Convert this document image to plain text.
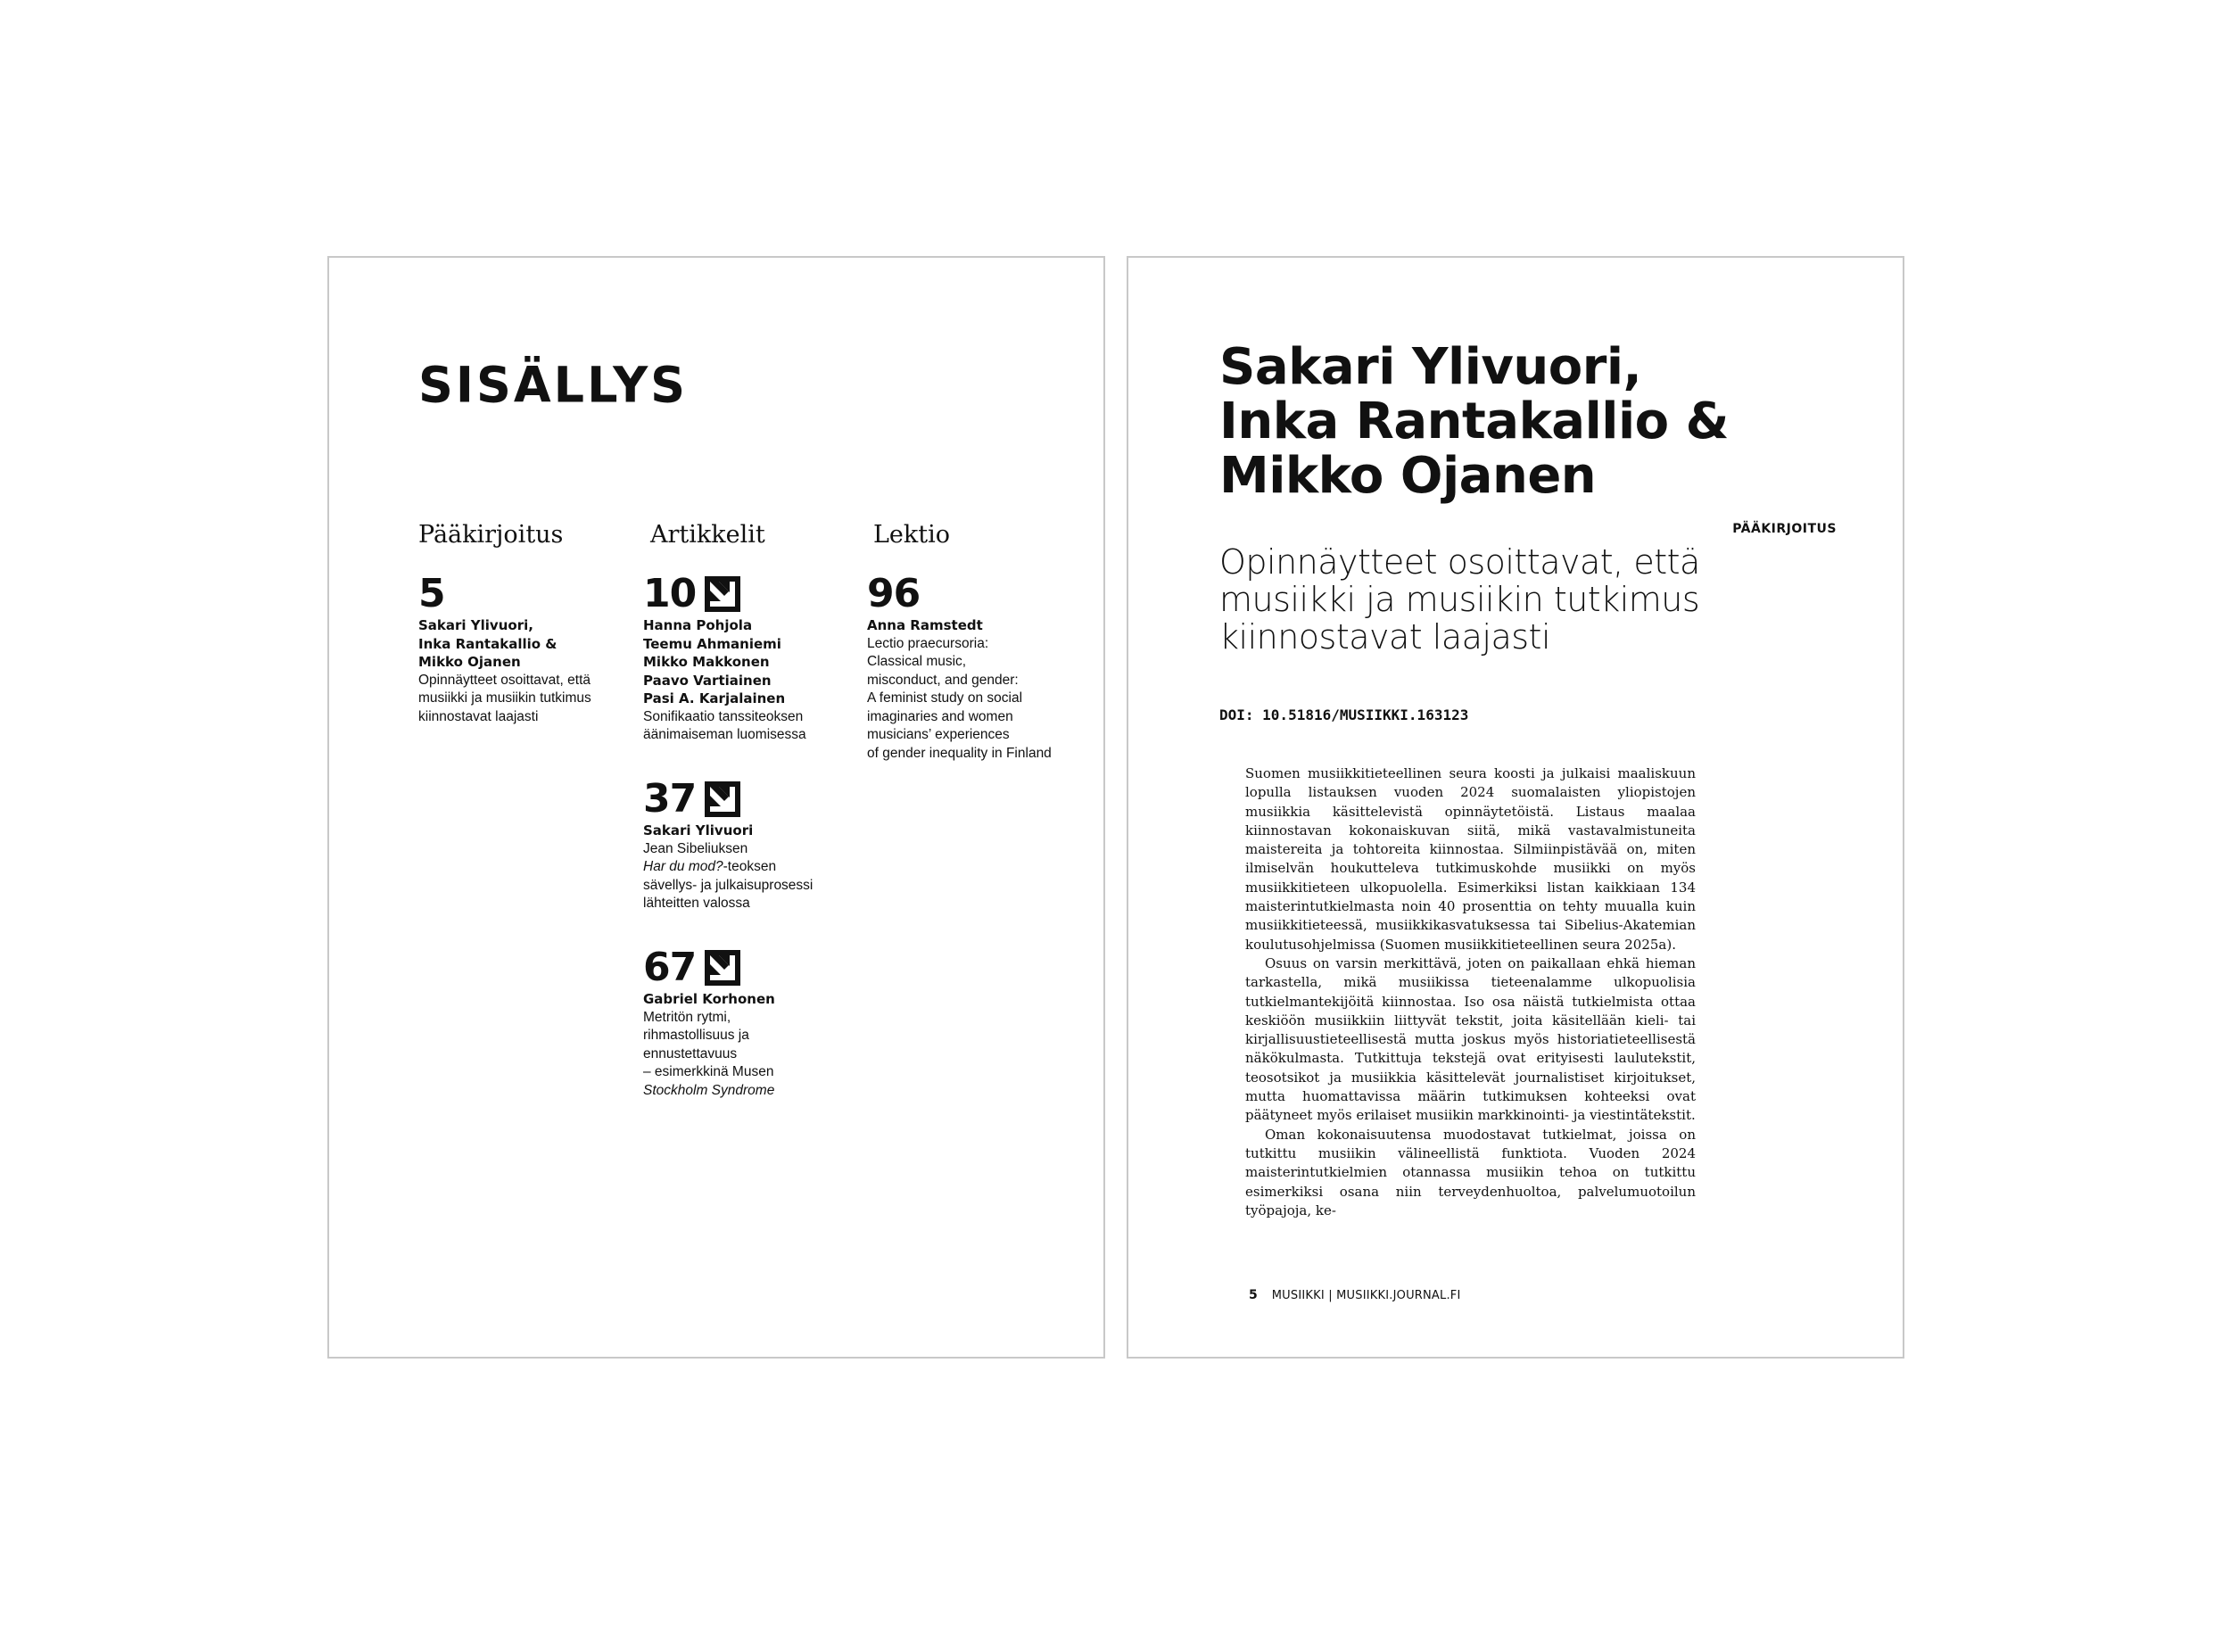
SISÄLLYS
Pääkirjoitus	Artikkelit	Lektio
5
Sakari Ylivuori,
Inka Rantakallio &
Mikko Ojanen
Opinnäytteet osoittavat, että
musiikki ja musiikin tutkimus
kiinnostavat laajasti
10
Hanna Pohjola
Teemu Ahmaniemi
Mikko Makkonen
Paavo Vartiainen
Pasi A. Karjalainen
Sonifikaatio tanssiteoksen
äänimaiseman luomisessa
37
Sakari Ylivuori
Jean Sibeliuksen
Har du mod?-teoksen
sävellys- ja julkaisuprosessi
lähteitten valossa
67
Gabriel Korhonen
Metritön rytmi,
rihmastollisuus ja
ennustettavuus
– esimerkkinä Musen
Stockholm Syndrome
96
Anna Ramstedt
Lectio praecursoria:
Classical music,
misconduct, and gender:
A feminist study on social
imaginaries and women
musicians’ experiences
of gender inequality in Finland
Sakari Ylivuori,
Inka Rantakallio &
Mikko Ojanen
PÄÄKIRJOITUS
Opinnäytteet osoittavat, että
musiikki ja musiikin tutkimus
kiinnostavat laajasti
DOI: 10.51816/MUSIIKKI.163123

Suomen musiikkitieteellinen seura koosti ja julkaisi maaliskuun lopulla listauksen vuoden 2024 suomalaisten yliopistojen musiikkia käsittelevistä opinnäytetöistä. Listaus maalaa kiinnostavan kokonaiskuvan siitä, mikä vastavalmistuneita maistereita ja tohtoreita kiinnostaa. Silmiinpistävää on, miten ilmiselvän houkutteleva tutkimuskohde musiikki on myös musiikkitieteen ulkopuolella. Esimerkiksi listan kaikkiaan 134 maisterintutkielmasta noin 40 prosenttia on tehty muualla kuin musiikkitieteessä, musiikkikasvatuksessa tai Sibelius-Akatemian koulutusohjelmissa (Suomen musiikkitieteellinen seura 2025a).

Osuus on varsin merkittävä, joten on paikallaan ehkä hieman tarkastella, mikä musiikissa tieteenalamme ulkopuolisia tutkielmantekijöitä kiinnostaa. Iso osa näistä tutkielmista ottaa keskiöön musiikkiin liittyvät tekstit, joita käsitellään kieli- tai kirjallisuustieteellisestä mutta joskus myös historiatieteellisestä näkökulmasta. Tutkittuja tekstejä ovat erityisesti laulutekstit, teosotsikot ja musiikkia käsittelevät journalistiset kirjoitukset, mutta huomattavissa määrin tutkimuksen kohteeksi ovat päätyneet myös erilaiset musiikin markkinointi- ja viestintätekstit.

Oman kokonaisuutensa muodostavat tutkielmat, joissa on tutkittu musiikin välineellistä funktiota. Vuoden 2024 maisterintutkielmien otannassa musiikin tehoa on tutkittu esimerkiksi osana niin terveydenhuoltoa, palvelumuotoilun työpajoja, ke-

5 MUSIIKKI | MUSIIKKI.JOURNAL.FI
